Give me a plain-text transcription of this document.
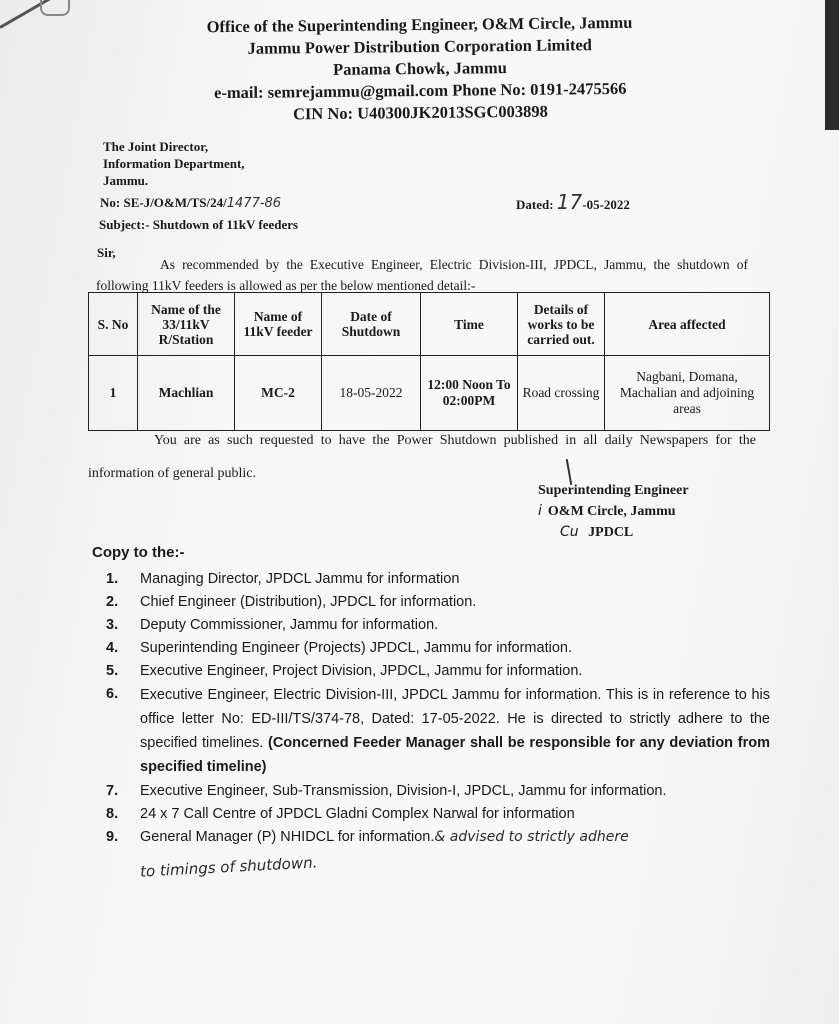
Office of the Superintending Engineer, O&M Circle, Jammu
Jammu Power Distribution Corporation Limited
Panama Chowk, Jammu
e-mail: semrejammu@gmail.com Phone No: 0191-2475566
CIN No: U40300JK2013SGC003898
The Joint Director,
Information Department,
Jammu.
No: SE-J/O&M/TS/24/1477-86	Dated: 17-05-2022
Subject:- Shutdown of 11kV feeders
Sir,
As recommended by the Executive Engineer, Electric Division-III, JPDCL, Jammu, the shutdown of following 11kV feeders is allowed as per the below mentioned detail:-
S. No	Name of the 33/11kV R/Station	Name of 11kV feeder	Date of Shutdown	Time	Details of works to be carried out.	Area affected
1	Machlian	MC-2	18-05-2022	12:00 Noon To 02:00PM	Road crossing	Nagbani, Domana, Machalian and adjoining areas
You are as such requested to have the Power Shutdown published in all daily Newspapers for the information of general public.
Superintending Engineer
i O&M Circle, Jammu
Cu JPDCL
Copy to the:-
1.	Managing Director, JPDCL Jammu for information
2.	Chief Engineer (Distribution), JPDCL for information.
3.	Deputy Commissioner, Jammu for information.
4.	Superintending Engineer (Projects) JPDCL, Jammu for information.
5.	Executive Engineer, Project Division, JPDCL, Jammu for information.
6.	Executive Engineer, Electric Division-III, JPDCL Jammu for information. This is in reference to his office letter No: ED-III/TS/374-78, Dated: 17-05-2022. He is directed to strictly adhere to the specified timelines. (Concerned Feeder Manager shall be responsible for any deviation from specified timeline)
7.	Executive Engineer, Sub-Transmission, Division-I, JPDCL, Jammu for information.
8.	24 x 7 Call Centre of JPDCL Gladni Complex Narwal for information
9.	General Manager (P) NHIDCL for information.& advised to strictly adhere
to timings of shutdown.
